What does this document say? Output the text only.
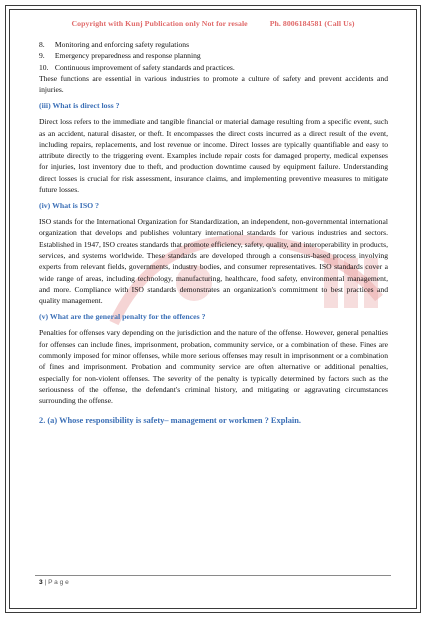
Copyright with Kunj Publication only Not for resale	Ph. 8006184581 (Call Us)

8. Monitoring and enforcing safety regulations

9. Emergency preparedness and response planning

10. Continuous improvement of safety standards and practices.

These functions are essential in various industries to promote a culture of safety and prevent accidents and injuries.

(iii) What is direct loss ?

Direct loss refers to the immediate and tangible financial or material damage resulting from a specific event, such as an accident, natural disaster, or theft. It encompasses the direct costs incurred as a direct result of the event, including repairs, replacements, and lost revenue or income. Direct losses are typically quantifiable and easy to attribute directly to the triggering event. Examples include repair costs for damaged property, medical expenses for injuries, lost inventory due to theft, and production downtime caused by equipment failure. Understanding direct losses is crucial for risk assessment, insurance claims, and implementing preventive measures to mitigate future losses.

(iv) What is ISO ?

ISO stands for the International Organization for Standardization, an independent, non-governmental international organization that develops and publishes voluntary international standards for various industries and sectors. Established in 1947, ISO creates standards that promote efficiency, safety, quality, and interoperability in products, services, and systems worldwide. These standards are developed through a consensus-based process involving experts from relevant fields, governments, industry bodies, and consumer representatives. ISO standards cover a wide range of areas, including technology, manufacturing, healthcare, food safety, environmental management, and more. Compliance with ISO standards demonstrates an organization's commitment to best practices and quality management.

(v) What are the general penalty for the offences ?

Penalties for offenses vary depending on the jurisdiction and the nature of the offense. However, general penalties for offenses can include fines, imprisonment, probation, community service, or a combination of these. Fines are commonly imposed for minor offenses, while more serious offenses may result in imprisonment or a combination of fines and imprisonment. Probation and community service are often alternative or additional penalties, especially for non-violent offenses. The severity of the penalty is typically determined by factors such as the seriousness of the offense, the defendant's criminal history, and mitigating or aggravating circumstances surrounding the offense.

2. (a) Whose responsibility is safety– management or workmen ? Explain.
3 | P a g e
